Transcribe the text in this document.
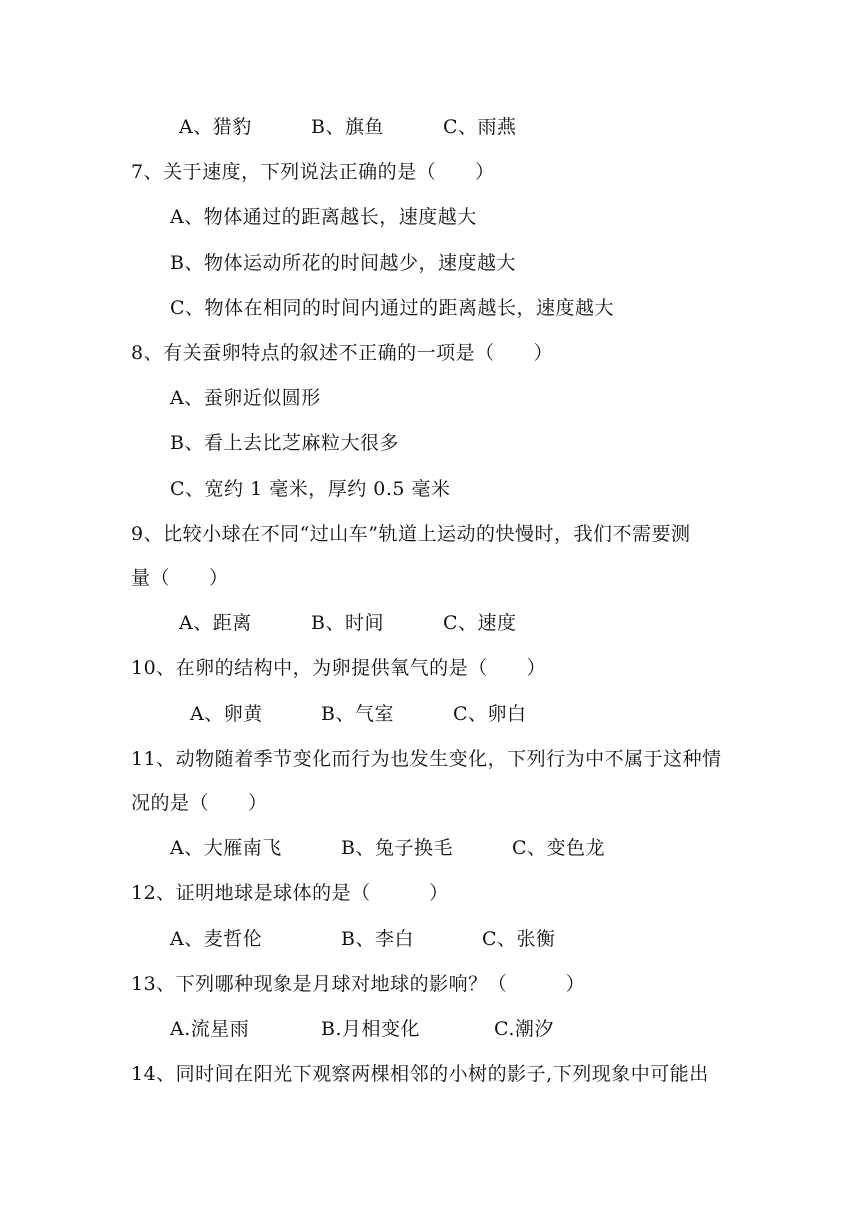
A、猎豹	B、旗鱼	C、雨燕
7、关于速度，下列说法正确的是（　　）
A、物体通过的距离越长，速度越大
B、物体运动所花的时间越少，速度越大
C、物体在相同的时间内通过的距离越长，速度越大
8、有关蚕卵特点的叙述不正确的一项是（　　）
A、蚕卵近似圆形
B、看上去比芝麻粒大很多
C、宽约 1 毫米，厚约 0.5 毫米
9、比较小球在不同“过山车”轨道上运动的快慢时，我们不需要测
量（　　）
A、距离	B、时间	C、速度
10、在卵的结构中，为卵提供氧气的是（　　）
A、卵黄	B、气室	C、卵白
11、动物随着季节变化而行为也发生变化，下列行为中不属于这种情
况的是（　　）
A、大雁南飞	B、兔子换毛	C、变色龙
12、证明地球是球体的是（　　　）
A、麦哲伦	B、李白	C、张衡
13、下列哪种现象是月球对地球的影响？（　　　）
A.流星雨	B.月相变化	C.潮汐
14、同时间在阳光下观察两棵相邻的小树的影子,下列现象中可能出
